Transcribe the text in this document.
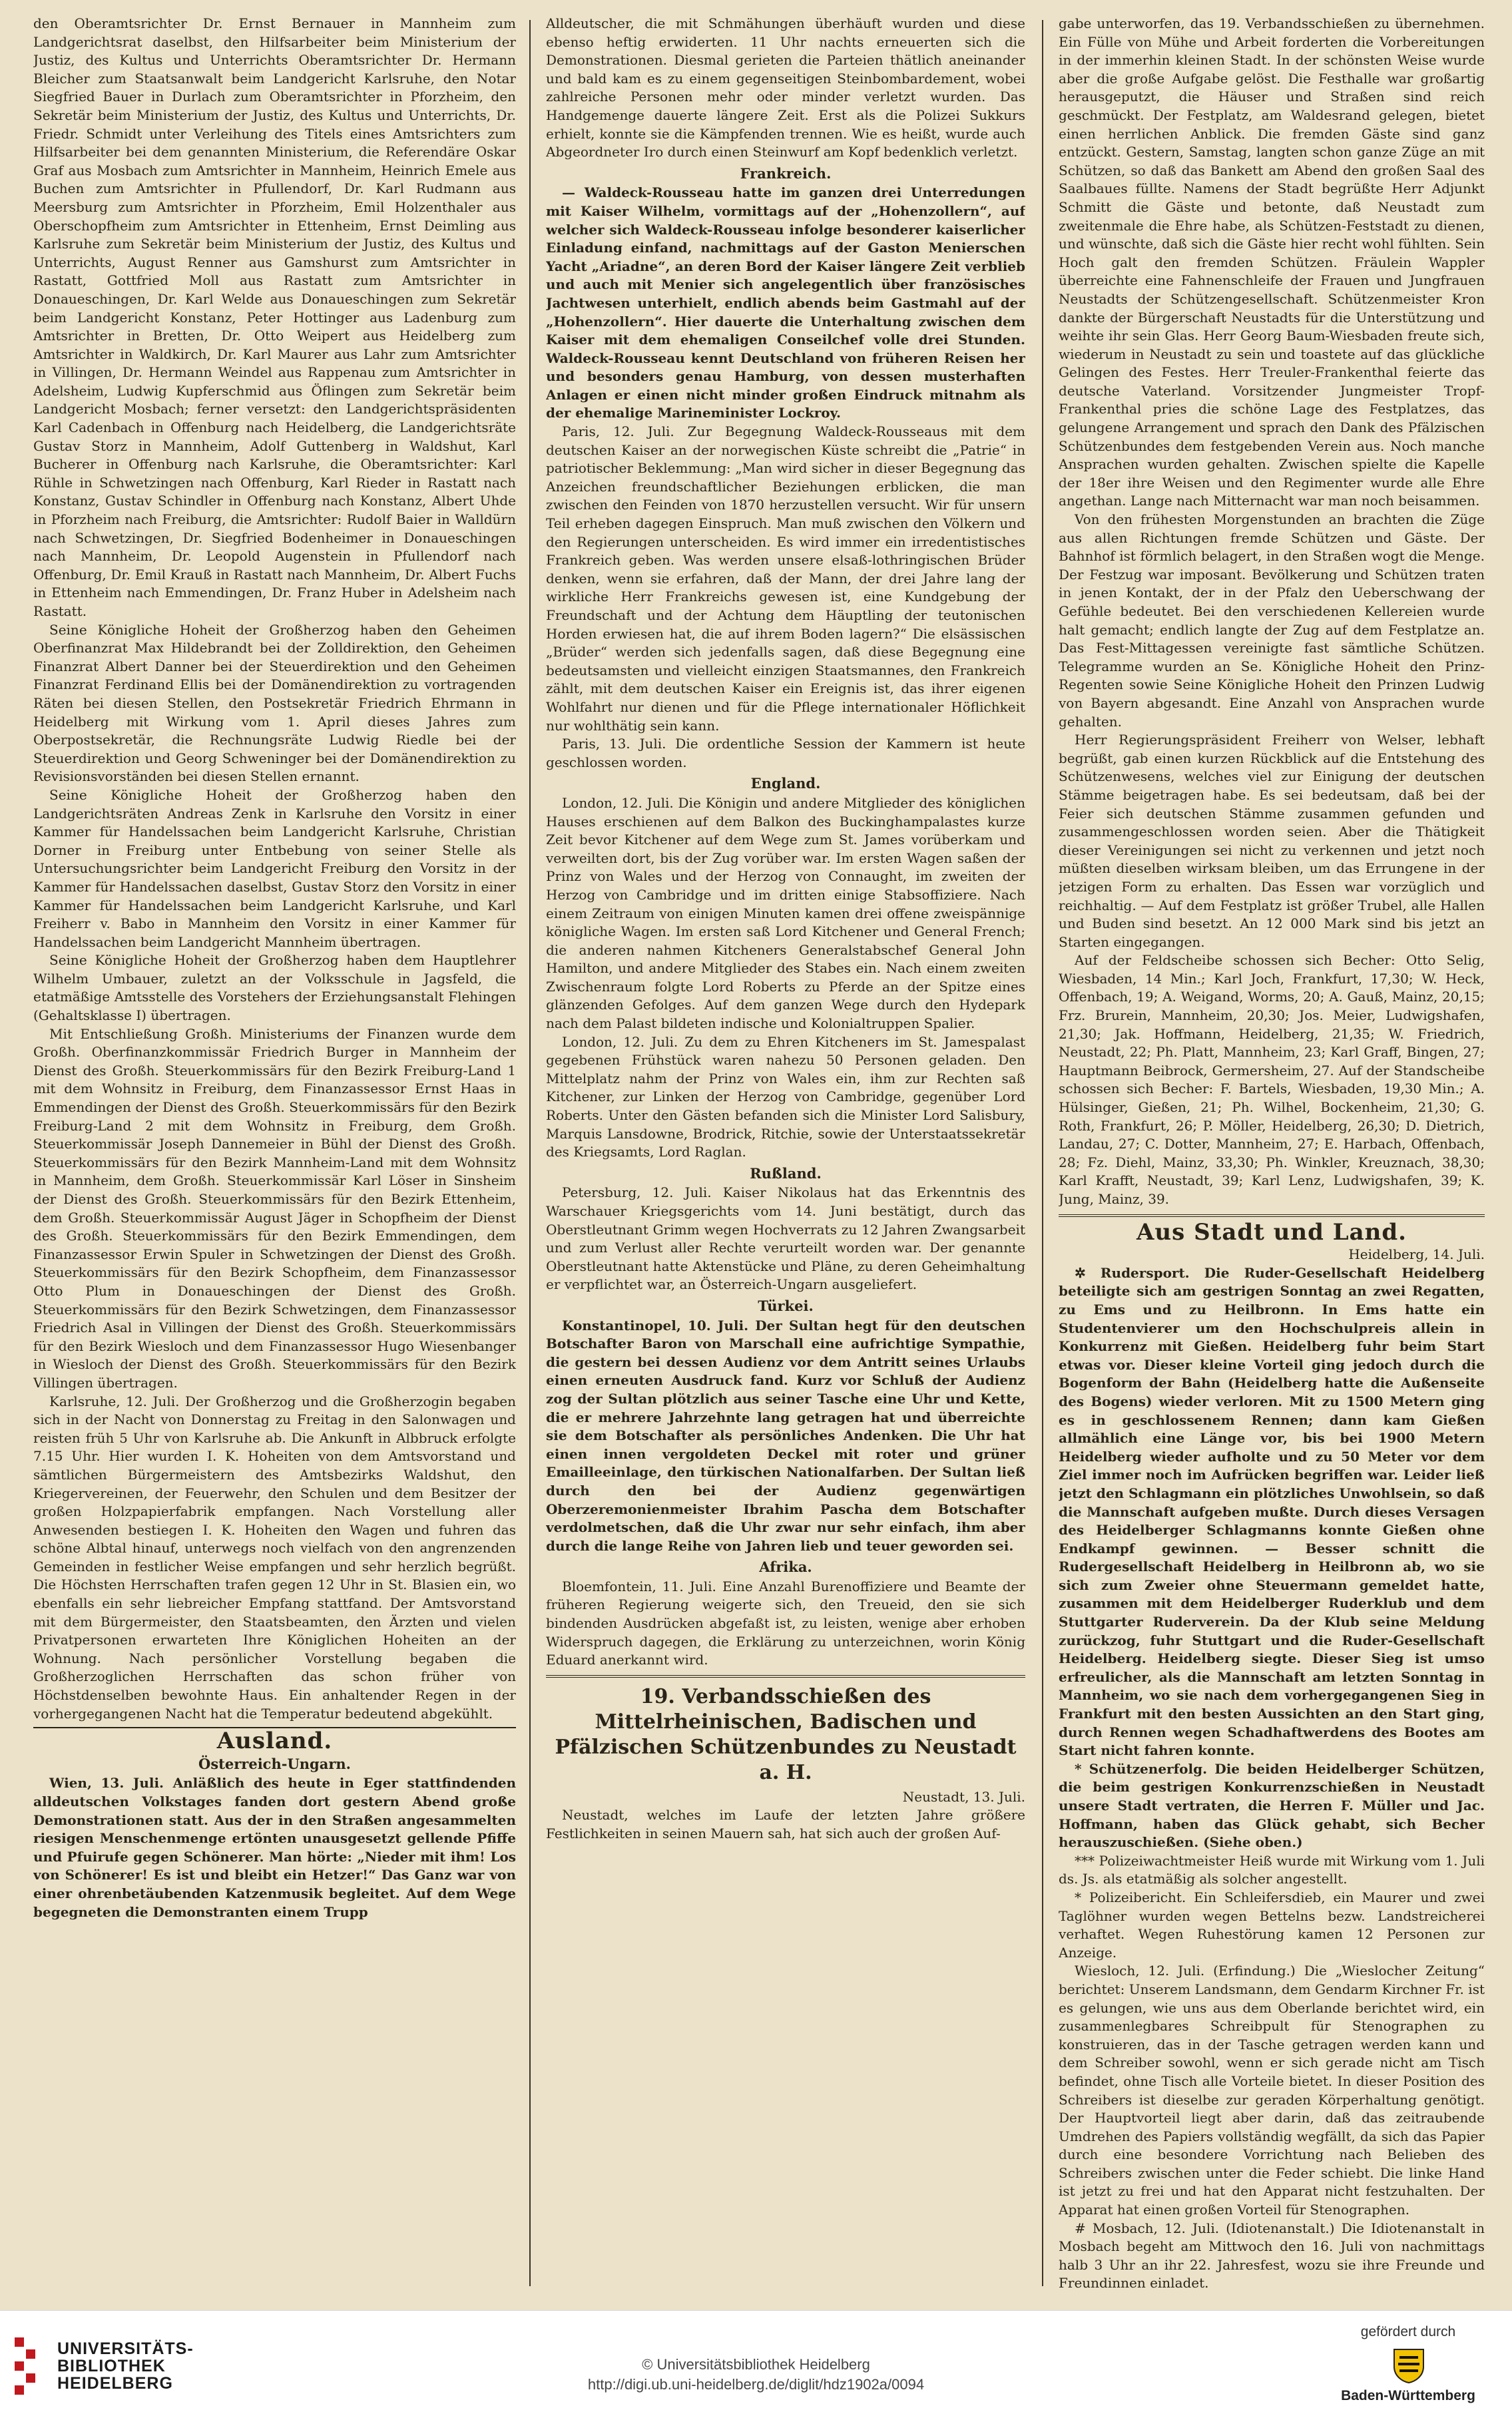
den Oberamtsrichter Dr. Ernst Bernauer in Mannheim zum Landgerichtsrat daselbst, den Hilfsarbeiter beim Ministerium der Justiz, des Kultus und Unterrichts Oberamtsrichter Dr. Hermann Bleicher zum Staatsanwalt beim Landgericht Karlsruhe, den Notar Siegfried Bauer in Durlach zum Oberamtsrichter in Pforzheim, den Sekretär beim Ministerium der Justiz, des Kultus und Unterrichts, Dr. Friedr. Schmidt unter Verleihung des Titels eines Amtsrichters zum Hilfsarbeiter bei dem genannten Ministerium, die Referendäre Oskar Graf aus Mosbach zum Amtsrichter in Mannheim, Heinrich Emele aus Buchen zum Amtsrichter in Pfullendorf, Dr. Karl Rudmann aus Meersburg zum Amtsrichter in Pforzheim, Emil Holzenthaler aus Oberschopfheim zum Amtsrichter in Ettenheim, Ernst Deimling aus Karlsruhe zum Sekretär beim Ministerium der Justiz, des Kultus und Unterrichts, August Renner aus Gamshurst zum Amtsrichter in Rastatt, Gottfried Moll aus Rastatt zum Amtsrichter in Donaueschingen, Dr. Karl Welde aus Donaueschingen zum Sekretär beim Landgericht Konstanz, Peter Hottinger aus Ladenburg zum Amtsrichter in Bretten, Dr. Otto Weipert aus Heidelberg zum Amtsrichter in Waldkirch, Dr. Karl Maurer aus Lahr zum Amtsrichter in Villingen, Dr. Hermann Weindel aus Rappenau zum Amtsrichter in Adelsheim, Ludwig Kupferschmid aus Öflingen zum Sekretär beim Landgericht Mosbach; ferner versetzt: den Landgerichtspräsidenten Karl Cadenbach in Offenburg nach Heidelberg, die Landgerichtsräte Gustav Storz in Mannheim, Adolf Guttenberg in Waldshut, Karl Bucherer in Offenburg nach Karlsruhe, die Oberamtsrichter: Karl Rühle in Schwetzingen nach Offenburg, Karl Rieder in Rastatt nach Konstanz, Gustav Schindler in Offenburg nach Konstanz, Albert Uhde in Pforzheim nach Freiburg, die Amtsrichter: Rudolf Baier in Walldürn nach Schwetzingen, Dr. Siegfried Bodenheimer in Donaueschingen nach Mannheim, Dr. Leopold Augenstein in Pfullendorf nach Offenburg, Dr. Emil Krauß in Rastatt nach Mannheim, Dr. Albert Fuchs in Ettenheim nach Emmendingen, Dr. Franz Huber in Adelsheim nach Rastatt.

Seine Königliche Hoheit der Großherzog haben den Geheimen Oberfinanzrat Max Hildebrandt bei der Zolldirektion, den Geheimen Finanzrat Albert Danner bei der Steuerdirektion und den Geheimen Finanzrat Ferdinand Ellis bei der Domänendirektion zu vortragenden Räten bei diesen Stellen, den Postsekretär Friedrich Ehrmann in Heidelberg mit Wirkung vom 1. April dieses Jahres zum Oberpostsekretär, die Rechnungsräte Ludwig Riedle bei der Steuerdirektion und Georg Schweninger bei der Domänendirektion zu Revisionsvorständen bei diesen Stellen ernannt.

Seine Königliche Hoheit der Großherzog haben den Landgerichtsräten Andreas Zenk in Karlsruhe den Vorsitz in einer Kammer für Handelssachen beim Landgericht Karlsruhe, Christian Dorner in Freiburg unter Entbebung von seiner Stelle als Untersuchungsrichter beim Landgericht Freiburg den Vorsitz in der Kammer für Handelssachen daselbst, Gustav Storz den Vorsitz in einer Kammer für Handelssachen beim Landgericht Karlsruhe, und Karl Freiherr v. Babo in Mannheim den Vorsitz in einer Kammer für Handelssachen beim Landgericht Mannheim übertragen.

Seine Königliche Hoheit der Großherzog haben dem Hauptlehrer Wilhelm Umbauer, zuletzt an der Volksschule in Jagsfeld, die etatmäßige Amtsstelle des Vorstehers der Erziehungsanstalt Flehingen (Gehaltsklasse I) übertragen.

Mit Entschließung Großh. Ministeriums der Finanzen wurde dem Großh. Oberfinanzkommissär Friedrich Burger in Mannheim der Dienst des Großh. Steuerkommissärs für den Bezirk Freiburg-Land 1 mit dem Wohnsitz in Freiburg, dem Finanzassessor Ernst Haas in Emmendingen der Dienst des Großh. Steuerkommissärs für den Bezirk Freiburg-Land 2 mit dem Wohnsitz in Freiburg, dem Großh. Steuerkommissär Joseph Dannemeier in Bühl der Dienst des Großh. Steuerkommissärs für den Bezirk Mannheim-Land mit dem Wohnsitz in Mannheim, dem Großh. Steuerkommissär Karl Löser in Sinsheim der Dienst des Großh. Steuerkommissärs für den Bezirk Ettenheim, dem Großh. Steuerkommissär August Jäger in Schopfheim der Dienst des Großh. Steuerkommissärs für den Bezirk Emmendingen, dem Finanzassessor Erwin Spuler in Schwetzingen der Dienst des Großh. Steuerkommissärs für den Bezirk Schopfheim, dem Finanzassessor Otto Plum in Donaueschingen der Dienst des Großh. Steuerkommissärs für den Bezirk Schwetzingen, dem Finanzassessor Friedrich Asal in Villingen der Dienst des Großh. Steuerkommissärs für den Bezirk Wiesloch und dem Finanzassessor Hugo Wiesenbanger in Wiesloch der Dienst des Großh. Steuerkommissärs für den Bezirk Villingen übertragen.

Karlsruhe, 12. Juli. Der Großherzog und die Großherzogin begaben sich in der Nacht von Donnerstag zu Freitag in den Salonwagen und reisten früh 5 Uhr von Karlsruhe ab. Die Ankunft in Albbruck erfolgte 7.15 Uhr. Hier wurden I. K. Hoheiten von dem Amtsvorstand und sämtlichen Bürgermeistern des Amtsbezirks Waldshut, den Kriegervereinen, der Feuerwehr, den Schulen und dem Besitzer der großen Holzpapierfabrik empfangen. Nach Vorstellung aller Anwesenden bestiegen I. K. Hoheiten den Wagen und fuhren das schöne Albtal hinauf, unterwegs noch vielfach von den angrenzenden Gemeinden in festlicher Weise empfangen und sehr herzlich begrüßt. Die Höchsten Herrschaften trafen gegen 12 Uhr in St. Blasien ein, wo ebenfalls ein sehr liebreicher Empfang stattfand. Der Amtsvorstand mit dem Bürgermeister, den Staatsbeamten, den Ärzten und vielen Privatpersonen erwarteten Ihre Königlichen Hoheiten an der Wohnung. Nach persönlicher Vorstellung begaben die Großherzoglichen Herrschaften das schon früher von Höchstdenselben bewohnte Haus. Ein anhaltender Regen in der vorhergegangenen Nacht hat die Temperatur bedeutend abgekühlt.

Ausland.
Österreich-Ungarn.

Wien, 13. Juli. Anläßlich des heute in Eger stattfindenden alldeutschen Volkstages fanden dort gestern Abend große Demonstrationen statt. Aus der in den Straßen angesammelten riesigen Menschenmenge ertönten unausgesetzt gellende Pfiffe und Pfuirufe gegen Schönerer. Man hörte: „Nieder mit ihm! Los von Schönerer! Es ist und bleibt ein Hetzer!“ Das Ganz war von einer ohrenbetäubenden Katzenmusik begleitet. Auf dem Wege begegneten die Demonstranten einem Trupp

Alldeutscher, die mit Schmähungen überhäuft wurden und diese ebenso heftig erwiderten. 11 Uhr nachts erneuerten sich die Demonstrationen. Diesmal gerieten die Parteien thätlich aneinander und bald kam es zu einem gegenseitigen Steinbombardement, wobei zahlreiche Personen mehr oder minder verletzt wurden. Das Handgemenge dauerte längere Zeit. Erst als die Polizei Sukkurs erhielt, konnte sie die Kämpfenden trennen. Wie es heißt, wurde auch Abgeordneter Iro durch einen Steinwurf am Kopf bedenklich verletzt.

Frankreich.

— Waldeck-Rousseau hatte im ganzen drei Unterredungen mit Kaiser Wilhelm, vormittags auf der „Hohenzollern“, auf welcher sich Waldeck-Rousseau infolge besonderer kaiserlicher Einladung einfand, nachmittags auf der Gaston Menierschen Yacht „Ariadne“, an deren Bord der Kaiser längere Zeit verblieb und auch mit Menier sich angelegentlich über französisches Jachtwesen unterhielt, endlich abends beim Gastmahl auf der „Hohenzollern“. Hier dauerte die Unterhaltung zwischen dem Kaiser mit dem ehemaligen Conseilchef volle drei Stunden. Waldeck-Rousseau kennt Deutschland von früheren Reisen her und besonders genau Hamburg, von dessen musterhaften Anlagen er einen nicht minder großen Eindruck mitnahm als der ehemalige Marineminister Lockroy.

Paris, 12. Juli. Zur Begegnung Waldeck-Rousseaus mit dem deutschen Kaiser an der norwegischen Küste schreibt die „Patrie“ in patriotischer Beklemmung: „Man wird sicher in dieser Begegnung das Anzeichen freundschaftlicher Beziehungen erblicken, die man zwischen den Feinden von 1870 herzustellen versucht. Wir für unsern Teil erheben dagegen Einspruch. Man muß zwischen den Völkern und den Regierungen unterscheiden. Es wird immer ein irredentistisches Frankreich geben. Was werden unsere elsaß-lothringischen Brüder denken, wenn sie erfahren, daß der Mann, der drei Jahre lang der wirkliche Herr Frankreichs gewesen ist, eine Kundgebung der Freundschaft und der Achtung dem Häuptling der teutonischen Horden erwiesen hat, die auf ihrem Boden lagern?“ Die elsässischen „Brüder“ werden sich jedenfalls sagen, daß diese Begegnung eine bedeutsamsten und vielleicht einzigen Staatsmannes, den Frankreich zählt, mit dem deutschen Kaiser ein Ereignis ist, das ihrer eigenen Wohlfahrt nur dienen und für die Pflege internationaler Höflichkeit nur wohlthätig sein kann.

Paris, 13. Juli. Die ordentliche Session der Kammern ist heute geschlossen worden.

England.

London, 12. Juli. Die Königin und andere Mitglieder des königlichen Hauses erschienen auf dem Balkon des Buckinghampalastes kurze Zeit bevor Kitchener auf dem Wege zum St. James vorüberkam und verweilten dort, bis der Zug vorüber war. Im ersten Wagen saßen der Prinz von Wales und der Herzog von Connaught, im zweiten der Herzog von Cambridge und im dritten einige Stabsoffiziere. Nach einem Zeitraum von einigen Minuten kamen drei offene zweispännige königliche Wagen. Im ersten saß Lord Kitchener und General French; die anderen nahmen Kitcheners Generalstabschef General John Hamilton, und andere Mitglieder des Stabes ein. Nach einem zweiten Zwischenraum folgte Lord Roberts zu Pferde an der Spitze eines glänzenden Gefolges. Auf dem ganzen Wege durch den Hydepark nach dem Palast bildeten indische und Kolonialtruppen Spalier.

London, 12. Juli. Zu dem zu Ehren Kitcheners im St. Jamespalast gegebenen Frühstück waren nahezu 50 Personen geladen. Den Mittelplatz nahm der Prinz von Wales ein, ihm zur Rechten saß Kitchener, zur Linken der Herzog von Cambridge, gegenüber Lord Roberts. Unter den Gästen befanden sich die Minister Lord Salisbury, Marquis Lansdowne, Brodrick, Ritchie, sowie der Unterstaatssekretär des Kriegsamts, Lord Raglan.

Rußland.

Petersburg, 12. Juli. Kaiser Nikolaus hat das Erkenntnis des Warschauer Kriegsgerichts vom 14. Juni bestätigt, durch das Oberstleutnant Grimm wegen Hochverrats zu 12 Jahren Zwangsarbeit und zum Verlust aller Rechte verurteilt worden war. Der genannte Oberstleutnant hatte Aktenstücke und Pläne, zu deren Geheimhaltung er verpflichtet war, an Österreich-Ungarn ausgeliefert.

Türkei.

Konstantinopel, 10. Juli. Der Sultan hegt für den deutschen Botschafter Baron von Marschall eine aufrichtige Sympathie, die gestern bei dessen Audienz vor dem Antritt seines Urlaubs einen erneuten Ausdruck fand. Kurz vor Schluß der Audienz zog der Sultan plötzlich aus seiner Tasche eine Uhr und Kette, die er mehrere Jahrzehnte lang getragen hat und überreichte sie dem Botschafter als persönliches Andenken. Die Uhr hat einen innen vergoldeten Deckel mit roter und grüner Emailleeinlage, den türkischen Nationalfarben. Der Sultan ließ durch den bei der Audienz gegenwärtigen Oberzeremonienmeister Ibrahim Pascha dem Botschafter verdolmetschen, daß die Uhr zwar nur sehr einfach, ihm aber durch die lange Reihe von Jahren lieb und teuer geworden sei.

Afrika.

Bloemfontein, 11. Juli. Eine Anzahl Burenoffiziere und Beamte der früheren Regierung weigerte sich, den Treueid, den sie sich bindenden Ausdrücken abgefaßt ist, zu leisten, wenige aber erhoben Widerspruch dagegen, die Erklärung zu unterzeichnen, worin König Eduard anerkannt wird.

19. Verbandsschießen des Mittelrheinischen, Badischen und Pfälzischen Schützenbundes zu Neustadt a. H.
Neustadt, 13. Juli.

Neustadt, welches im Laufe der letzten Jahre größere Festlichkeiten in seinen Mauern sah, hat sich auch der großen Auf-

gabe unterworfen, das 19. Verbandsschießen zu übernehmen. Ein Fülle von Mühe und Arbeit forderten die Vorbereitungen in der immerhin kleinen Stadt. In der schönsten Weise wurde aber die große Aufgabe gelöst. Die Festhalle war großartig herausgeputzt, die Häuser und Straßen sind reich geschmückt. Der Festplatz, am Waldesrand gelegen, bietet einen herrlichen Anblick. Die fremden Gäste sind ganz entzückt. Gestern, Samstag, langten schon ganze Züge an mit Schützen, so daß das Bankett am Abend den großen Saal des Saalbaues füllte. Namens der Stadt begrüßte Herr Adjunkt Schmitt die Gäste und betonte, daß Neustadt zum zweitenmale die Ehre habe, als Schützen-Feststadt zu dienen, und wünschte, daß sich die Gäste hier recht wohl fühlten. Sein Hoch galt den fremden Schützen. Fräulein Wappler überreichte eine Fahnenschleife der Frauen und Jungfrauen Neustadts der Schützengesellschaft. Schützenmeister Kron dankte der Bürgerschaft Neustadts für die Unterstützung und weihte ihr sein Glas. Herr Georg Baum-Wiesbaden freute sich, wiederum in Neustadt zu sein und toastete auf das glückliche Gelingen des Festes. Herr Treuler-Frankenthal feierte das deutsche Vaterland. Vorsitzender Jungmeister Tropf-Frankenthal pries die schöne Lage des Festplatzes, das gelungene Arrangement und sprach den Dank des Pfälzischen Schützenbundes dem festgebenden Verein aus. Noch manche Ansprachen wurden gehalten. Zwischen spielte die Kapelle der 18er ihre Weisen und den Regimenter wurde alle Ehre angethan. Lange nach Mitternacht war man noch beisammen.

Von den frühesten Morgenstunden an brachten die Züge aus allen Richtungen fremde Schützen und Gäste. Der Bahnhof ist förmlich belagert, in den Straßen wogt die Menge. Der Festzug war imposant. Bevölkerung und Schützen traten in jenen Kontakt, der in der Pfalz den Ueberschwang der Gefühle bedeutet. Bei den verschiedenen Kellereien wurde halt gemacht; endlich langte der Zug auf dem Festplatze an. Das Fest-Mittagessen vereinigte fast sämtliche Schützen. Telegramme wurden an Se. Königliche Hoheit den Prinz-Regenten sowie Seine Königliche Hoheit den Prinzen Ludwig von Bayern abgesandt. Eine Anzahl von Ansprachen wurde gehalten.

Herr Regierungspräsident Freiherr von Welser, lebhaft begrüßt, gab einen kurzen Rückblick auf die Entstehung des Schützenwesens, welches viel zur Einigung der deutschen Stämme beigetragen habe. Es sei bedeutsam, daß bei der Feier sich deutschen Stämme zusammen gefunden und zusammengeschlossen worden seien. Aber die Thätigkeit dieser Vereinigungen sei nicht zu verkennen und jetzt noch müßten dieselben wirksam bleiben, um das Errungene in der jetzigen Form zu erhalten. Das Essen war vorzüglich und reichhaltig. — Auf dem Festplatz ist größer Trubel, alle Hallen und Buden sind besetzt. An 12 000 Mark sind bis jetzt an Starten eingegangen.

Auf der Feldscheibe schossen sich Becher: Otto Selig, Wiesbaden, 14 Min.; Karl Joch, Frankfurt, 17,30; W. Heck, Offenbach, 19; A. Weigand, Worms, 20; A. Gauß, Mainz, 20,15; Frz. Brurein, Mannheim, 20,30; Jos. Meier, Ludwigshafen, 21,30; Jak. Hoffmann, Heidelberg, 21,35; W. Friedrich, Neustadt, 22; Ph. Platt, Mannheim, 23; Karl Graff, Bingen, 27; Hauptmann Beibrock, Germersheim, 27. Auf der Standscheibe schossen sich Becher: F. Bartels, Wiesbaden, 19,30 Min.; A. Hülsinger, Gießen, 21; Ph. Wilhel, Bockenheim, 21,30; G. Roth, Frankfurt, 26; P. Möller, Heidelberg, 26,30; D. Dietrich, Landau, 27; C. Dotter, Mannheim, 27; E. Harbach, Offenbach, 28; Fz. Diehl, Mainz, 33,30; Ph. Winkler, Kreuznach, 38,30; Karl Krafft, Neustadt, 39; Karl Lenz, Ludwigshafen, 39; K. Jung, Mainz, 39.

Aus Stadt und Land.
Heidelberg, 14. Juli.

✲ Rudersport. Die Ruder-Gesellschaft Heidelberg beteiligte sich am gestrigen Sonntag an zwei Regatten, zu Ems und zu Heilbronn. In Ems hatte ein Studentenvierer um den Hochschulpreis allein in Konkurrenz mit Gießen. Heidelberg fuhr beim Start etwas vor. Dieser kleine Vorteil ging jedoch durch die Bogenform der Bahn (Heidelberg hatte die Außenseite des Bogens) wieder verloren. Mit zu 1500 Metern ging es in geschlossenem Rennen; dann kam Gießen allmählich eine Länge vor, bis bei 1900 Metern Heidelberg wieder aufholte und zu 50 Meter vor dem Ziel immer noch im Aufrücken begriffen war. Leider ließ jetzt den Schlagmann ein plötzliches Unwohlsein, so daß die Mannschaft aufgeben mußte. Durch dieses Versagen des Heidelberger Schlagmanns konnte Gießen ohne Endkampf gewinnen. — Besser schnitt die Rudergesellschaft Heidelberg in Heilbronn ab, wo sie sich zum Zweier ohne Steuermann gemeldet hatte, zusammen mit dem Heidelberger Ruderklub und dem Stuttgarter Ruderverein. Da der Klub seine Meldung zurückzog, fuhr Stuttgart und die Ruder-Gesellschaft Heidelberg. Heidelberg siegte. Dieser Sieg ist umso erfreulicher, als die Mannschaft am letzten Sonntag in Mannheim, wo sie nach dem vorhergegangenen Sieg in Frankfurt mit den besten Aussichten an den Start ging, durch Rennen wegen Schadhaftwerdens des Bootes am Start nicht fahren konnte.

* Schützenerfolg. Die beiden Heidelberger Schützen, die beim gestrigen Konkurrenzschießen in Neustadt unsere Stadt vertraten, die Herren F. Müller und Jac. Hoffmann, haben das Glück gehabt, sich Becher herauszuschießen. (Siehe oben.)

*** Polizeiwachtmeister Heiß wurde mit Wirkung vom 1. Juli ds. Js. als etatmäßig als solcher angestellt.

* Polizeibericht. Ein Schleifersdieb, ein Maurer und zwei Taglöhner wurden wegen Bettelns bezw. Landstreicherei verhaftet. Wegen Ruhestörung kamen 12 Personen zur Anzeige.

Wiesloch, 12. Juli. (Erfindung.) Die „Wieslocher Zeitung“ berichtet: Unserem Landsmann, dem Gendarm Kirchner Fr. ist es gelungen, wie uns aus dem Oberlande berichtet wird, ein zusammenlegbares Schreibpult für Stenographen zu konstruieren, das in der Tasche getragen werden kann und dem Schreiber sowohl, wenn er sich gerade nicht am Tisch befindet, ohne Tisch alle Vorteile bietet. In dieser Position des Schreibers ist dieselbe zur geraden Körperhaltung genötigt. Der Hauptvorteil liegt aber darin, daß das zeitraubende Umdrehen des Papiers vollständig wegfällt, da sich das Papier durch eine besondere Vorrichtung nach Belieben des Schreibers zwischen unter die Feder schiebt. Die linke Hand ist jetzt zu frei und hat den Apparat nicht festzuhalten. Der Apparat hat einen großen Vorteil für Stenographen.

# Mosbach, 12. Juli. (Idiotenanstalt.) Die Idiotenanstalt in Mosbach begeht am Mittwoch den 16. Juli von nachmittags halb 3 Uhr an ihr 22. Jahresfest, wozu sie ihre Freunde und Freundinnen einladet.

UNIVERSITÄTS-
BIBLIOTHEK
HEIDELBERG
© Universitätsbibliothek Heidelberg
http://digi.ub.uni-heidelberg.de/diglit/hdz1902a/0094
gefördert durch
Baden-Württemberg
